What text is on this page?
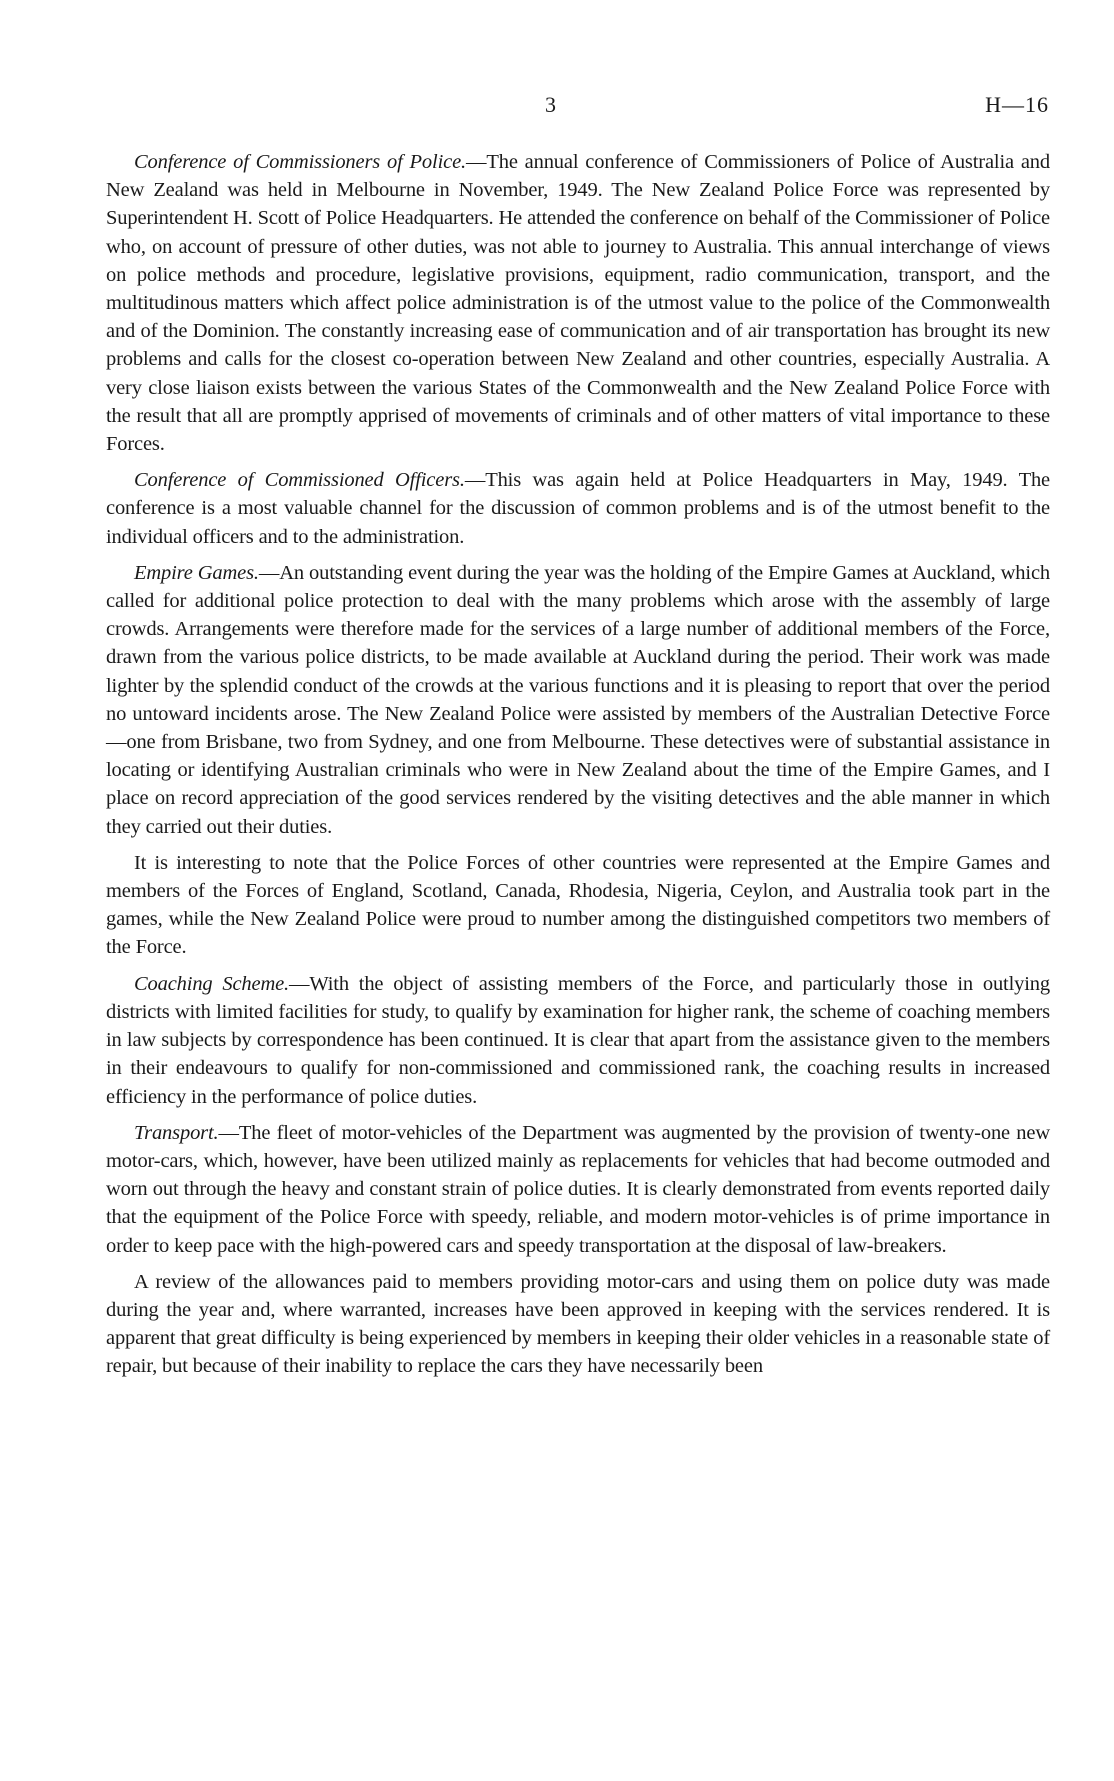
3	H—16

Conference of Commissioners of Police.—The annual conference of Commissioners of Police of Australia and New Zealand was held in Melbourne in November, 1949. The New Zealand Police Force was represented by Superintendent H. Scott of Police Headquarters. He attended the conference on behalf of the Commissioner of Police who, on account of pressure of other duties, was not able to journey to Australia. This annual interchange of views on police methods and procedure, legislative provisions, equipment, radio communication, transport, and the multitudinous matters which affect police administration is of the utmost value to the police of the Commonwealth and of the Dominion. The constantly increasing ease of communication and of air transportation has brought its new problems and calls for the closest co-operation between New Zealand and other countries, especially Australia. A very close liaison exists between the various States of the Commonwealth and the New Zealand Police Force with the result that all are promptly apprised of movements of criminals and of other matters of vital importance to these Forces.

Conference of Commissioned Officers.—This was again held at Police Headquarters in May, 1949. The conference is a most valuable channel for the discussion of common problems and is of the utmost benefit to the individual officers and to the administration.

Empire Games.—An outstanding event during the year was the holding of the Empire Games at Auckland, which called for additional police protection to deal with the many problems which arose with the assembly of large crowds. Arrangements were therefore made for the services of a large number of additional members of the Force, drawn from the various police districts, to be made available at Auckland during the period. Their work was made lighter by the splendid conduct of the crowds at the various functions and it is pleasing to report that over the period no untoward incidents arose. The New Zealand Police were assisted by members of the Australian Detective Force—one from Brisbane, two from Sydney, and one from Melbourne. These detectives were of substantial assistance in locating or identifying Australian criminals who were in New Zealand about the time of the Empire Games, and I place on record appreciation of the good services rendered by the visiting detectives and the able manner in which they carried out their duties.

It is interesting to note that the Police Forces of other countries were represented at the Empire Games and members of the Forces of England, Scotland, Canada, Rhodesia, Nigeria, Ceylon, and Australia took part in the games, while the New Zealand Police were proud to number among the distinguished competitors two members of the Force.

Coaching Scheme.—With the object of assisting members of the Force, and particularly those in outlying districts with limited facilities for study, to qualify by examination for higher rank, the scheme of coaching members in law subjects by correspondence has been continued. It is clear that apart from the assistance given to the members in their endeavours to qualify for non-commissioned and commissioned rank, the coaching results in increased efficiency in the performance of police duties.

Transport.—The fleet of motor-vehicles of the Department was augmented by the provision of twenty-one new motor-cars, which, however, have been utilized mainly as replacements for vehicles that had become outmoded and worn out through the heavy and constant strain of police duties. It is clearly demonstrated from events reported daily that the equipment of the Police Force with speedy, reliable, and modern motor-vehicles is of prime importance in order to keep pace with the high-powered cars and speedy transportation at the disposal of law-breakers.

A review of the allowances paid to members providing motor-cars and using them on police duty was made during the year and, where warranted, increases have been approved in keeping with the services rendered. It is apparent that great difficulty is being experienced by members in keeping their older vehicles in a reasonable state of repair, but because of their inability to replace the cars they have necessarily been
